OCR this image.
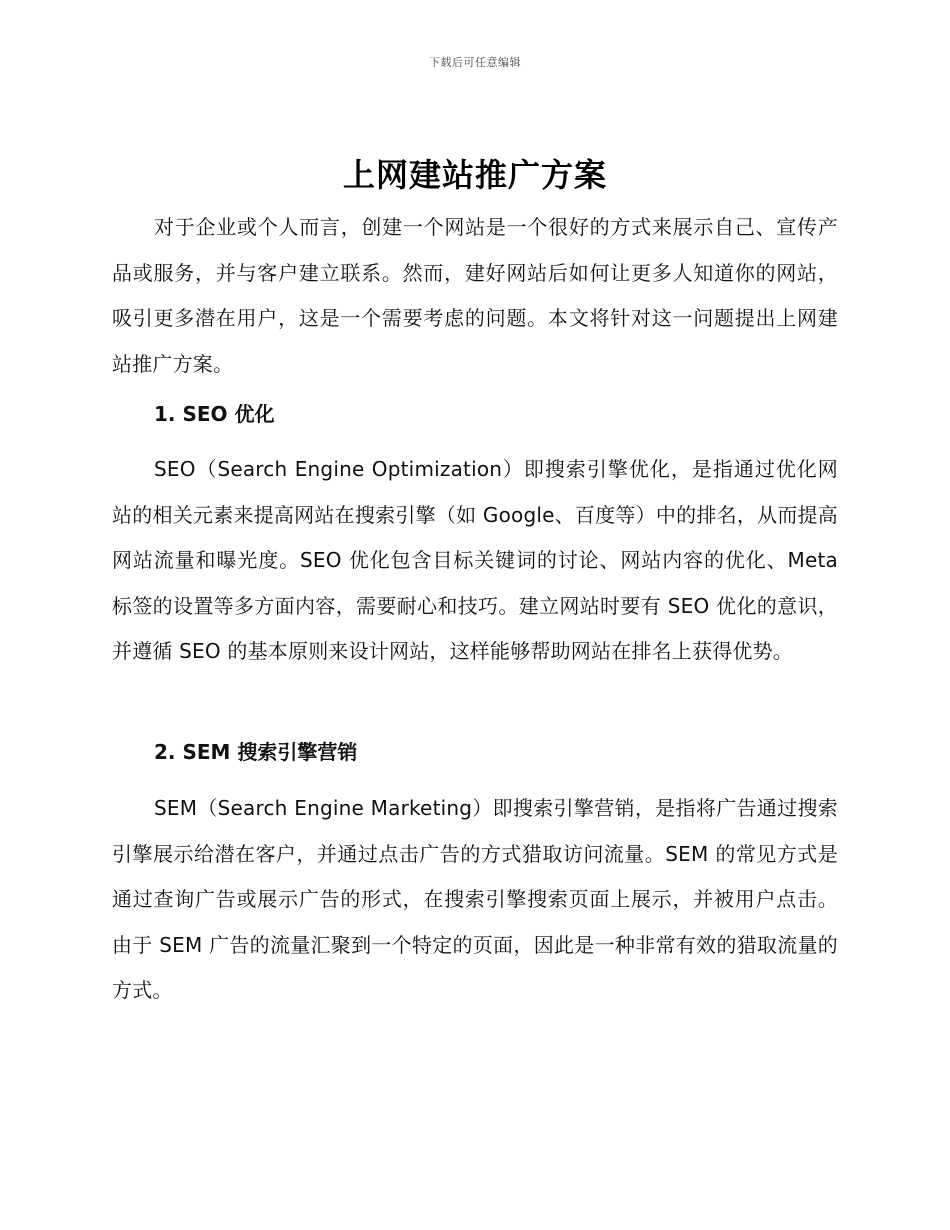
下载后可任意编辑
上网建站推广方案

对于企业或个人而言，创建一个网站是一个很好的方式来展示自己、宣传产品或服务，并与客户建立联系。然而，建好网站后如何让更多人知道你的网站，吸引更多潜在用户，这是一个需要考虑的问题。本文将针对这一问题提出上网建站推广方案。

1. SEO 优化

SEO（Search Engine Optimization）即搜索引擎优化，是指通过优化网站的相关元素来提高网站在搜索引擎（如 Google、百度等）中的排名，从而提高网站流量和曝光度。SEO 优化包含目标关键词的讨论、网站内容的优化、Meta 标签的设置等多方面内容，需要耐心和技巧。建立网站时要有 SEO 优化的意识，并遵循 SEO 的基本原则来设计网站，这样能够帮助网站在排名上获得优势。

2. SEM 搜索引擎营销

SEM（Search Engine Marketing）即搜索引擎营销，是指将广告通过搜索引擎展示给潜在客户，并通过点击广告的方式猎取访问流量。SEM 的常见方式是通过查询广告或展示广告的形式，在搜索引擎搜索页面上展示，并被用户点击。由于 SEM 广告的流量汇聚到一个特定的页面，因此是一种非常有效的猎取流量的方式。
